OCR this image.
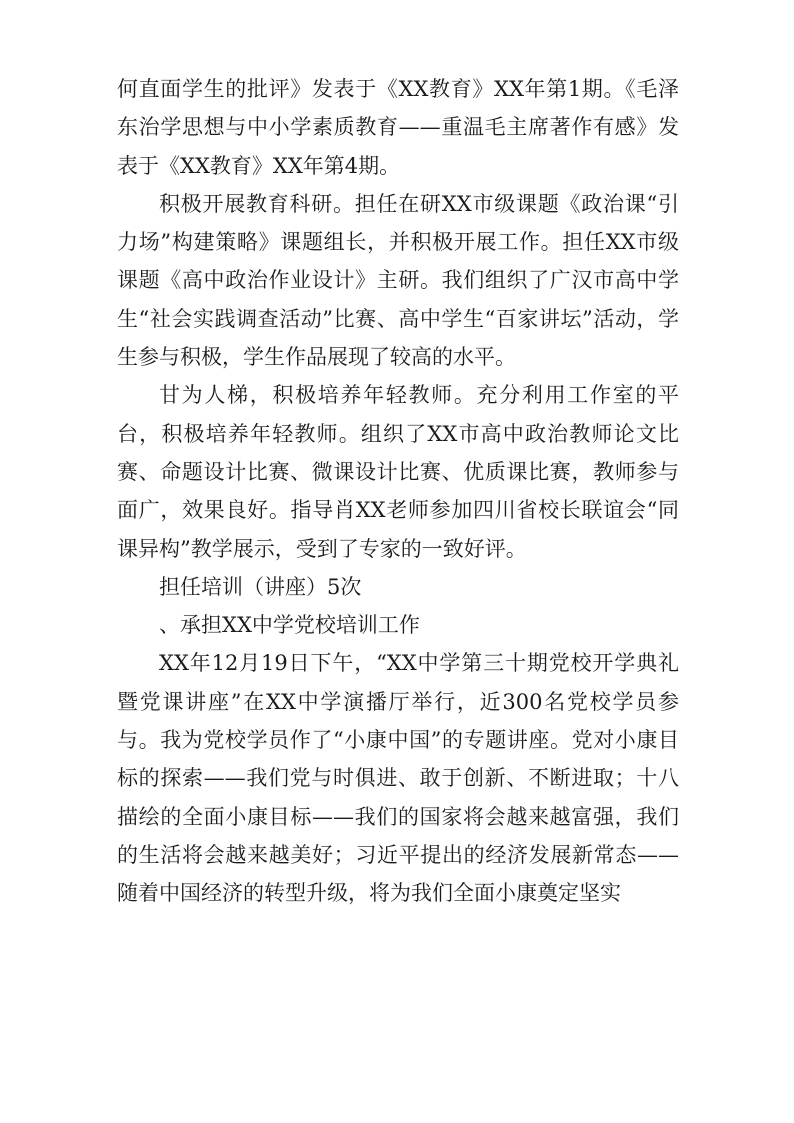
何直面学生的批评》发表于《XX教育》XX年第1期。《毛泽东治学思想与中小学素质教育——重温毛主席著作有感》发表于《XX教育》XX年第4期。

积极开展教育科研。担任在研XX市级课题《政治课“引力场”构建策略》课题组长，并积极开展工作。担任XX市级课题《高中政治作业设计》主研。我们组织了广汉市高中学生“社会实践调查活动”比赛、高中学生“百家讲坛”活动，学生参与积极，学生作品展现了较高的水平。

甘为人梯，积极培养年轻教师。充分利用工作室的平台，积极培养年轻教师。组织了XX市高中政治教师论文比赛、命题设计比赛、微课设计比赛、优质课比赛，教师参与面广，效果良好。指导肖XX老师参加四川省校长联谊会“同课异构”教学展示，受到了专家的一致好评。

担任培训（讲座）5次

、承担XX中学党校培训工作

XX年12月19日下午，“XX中学第三十期党校开学典礼暨党课讲座”在XX中学演播厅举行，近300名党校学员参与。我为党校学员作了“小康中国”的专题讲座。党对小康目标的探索——我们党与时俱进、敢于创新、不断进取；十八描绘的全面小康目标——我们的国家将会越来越富强，我们的生活将会越来越美好；习近平提出的经济发展新常态——随着中国经济的转型升级，将为我们全面小康奠定坚实
